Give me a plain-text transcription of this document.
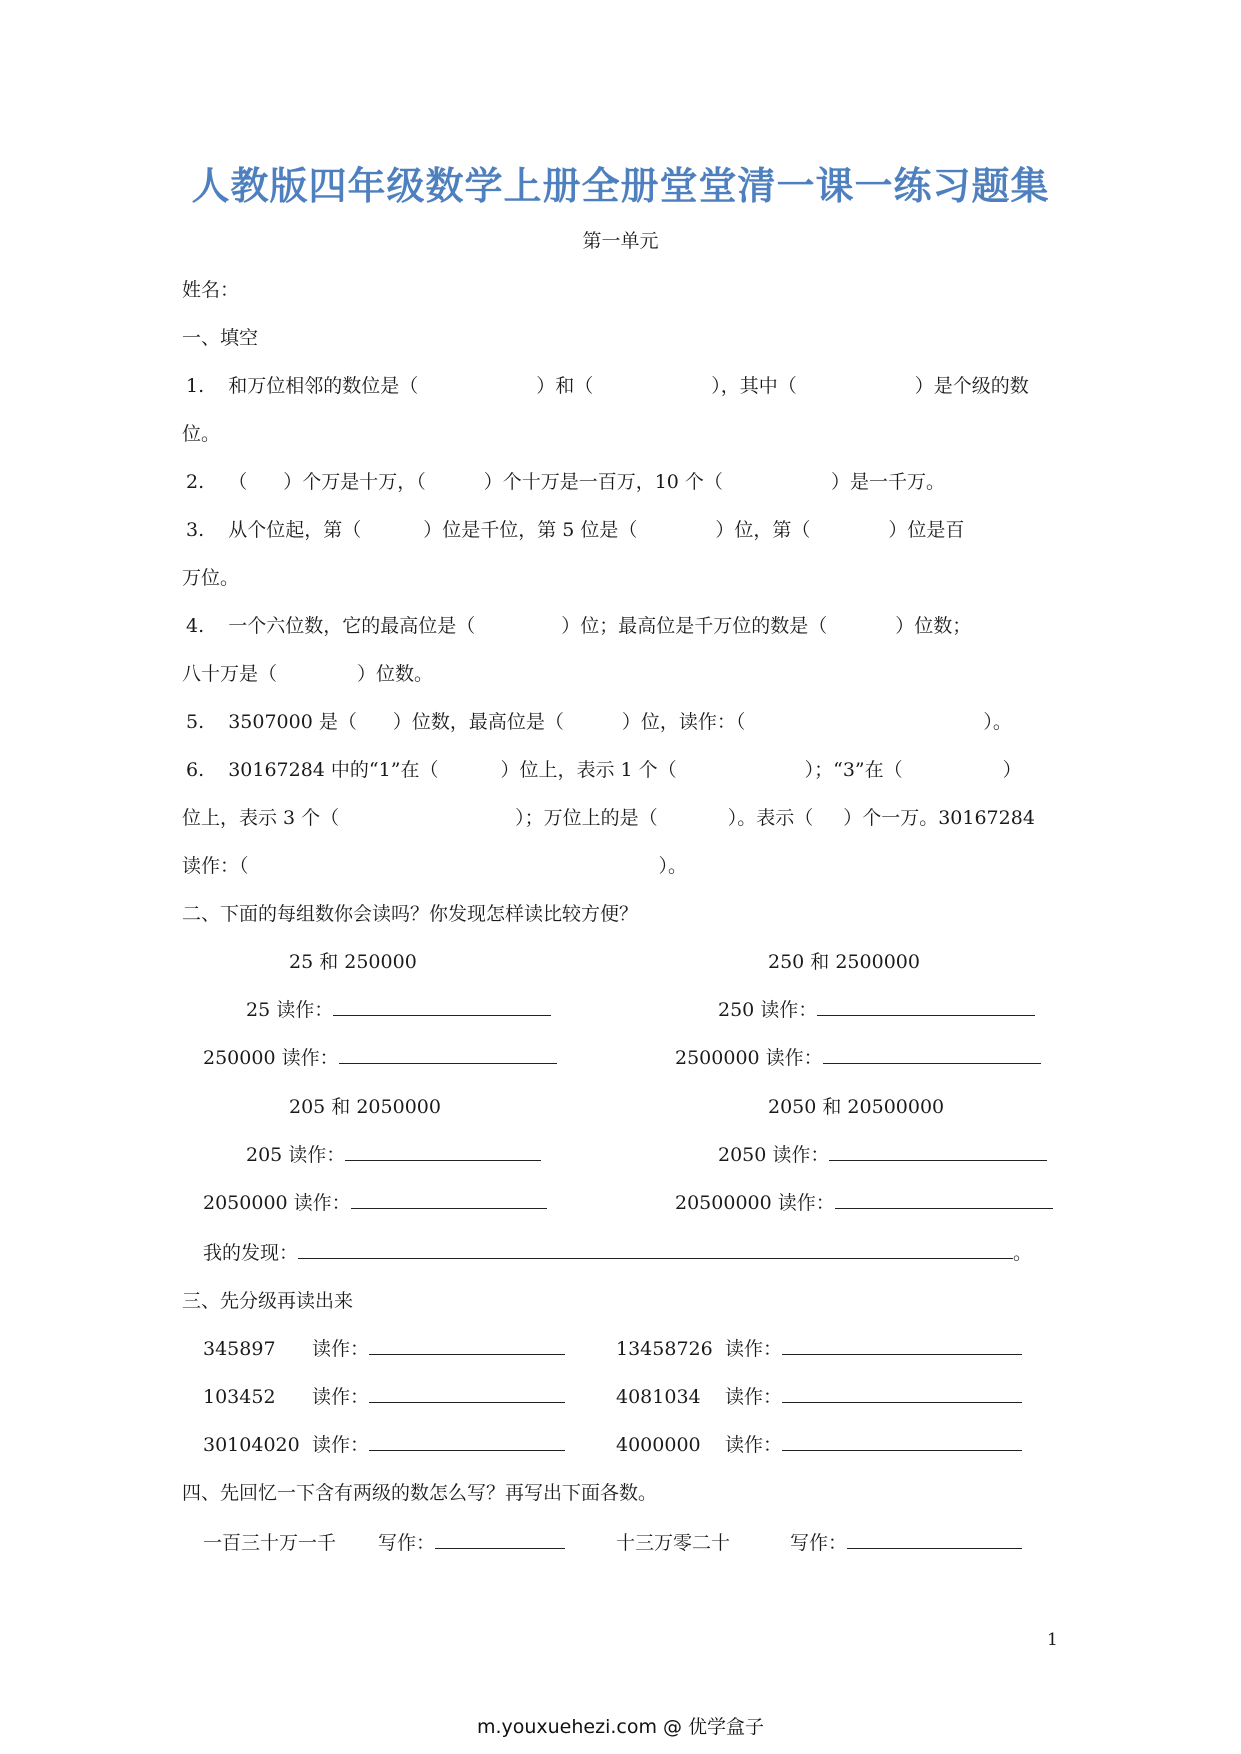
人教版四年级数学上册全册堂堂清一课一练习题集
第一单元
姓名：
一、填空
1. 和万位相邻的数位是（	）和（	），其中（	）是个级的数
位。
2. （ ）个万是十万，（	）个十万是一百万，10 个（	）是一千万。
3. 从个位起，第（	）位是千位，第 5 位是（	）位，第（	）位是百
万位。
4. 一个六位数，它的最高位是（	）位；最高位是千万位的数是（	）位数；
八十万是（	）位数。
5. 3507000 是（ ）位数，最高位是（	）位，读作：（	）。
6. 30167284 中的“1”在（	）位上，表示 1 个（	）；“3”在（	）
位上，表示 3 个（	）；万位上的是（	）。表示（ ）个一万。30167284
读作：（	）。
二、下面的每组数你会读吗？你发现怎样读比较方便？
25 和 250000	250 和 2500000
25 读作：	250 读作：
250000 读作：	2500000 读作：
205 和 2050000	2050 和 20500000
205 读作：	2050 读作：
2050000 读作：	20500000 读作：
我的发现：	。
三、先分级再读出来
345897 读作：	13458726 读作：
103452 读作：	4081034 读作：
30104020 读作：	4000000 读作：
四、先回忆一下含有两级的数怎么写？再写出下面各数。
一百三十万一千 写作：	十三万零二十	写作：
1
m.youxuehezi.com @ 优学盒子
